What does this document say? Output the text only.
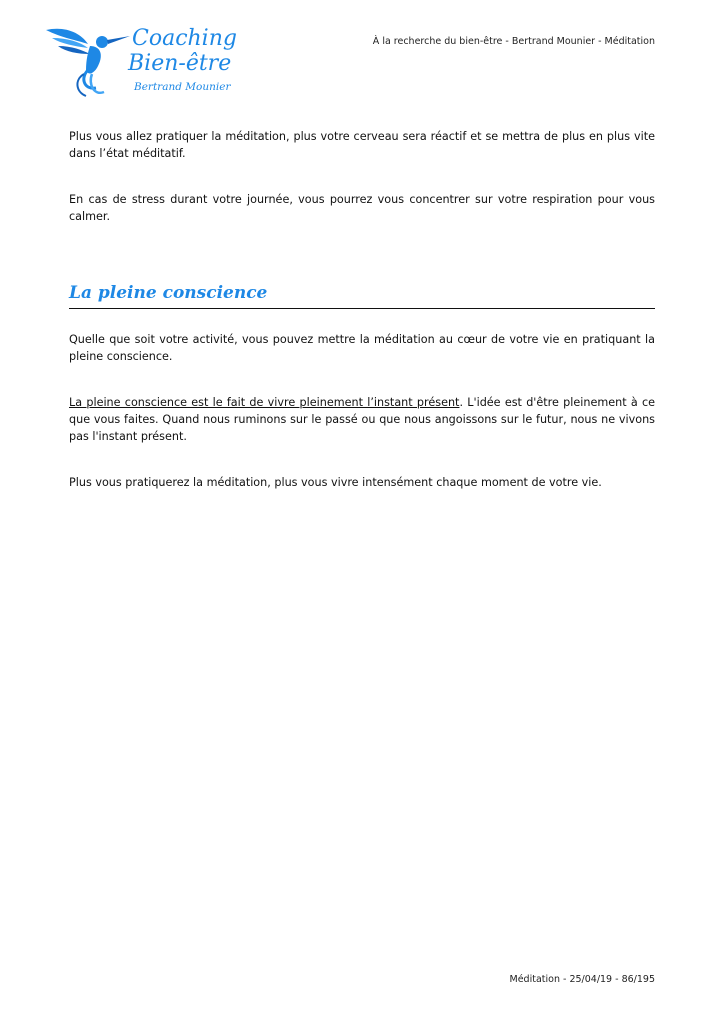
Coaching
Bien-être
Bertrand Mounier
À la recherche du bien-être - Bertrand Mounier - Méditation

Plus vous allez pratiquer la méditation, plus votre cerveau sera réactif et se mettra de plus en plus vite dans l’état méditatif.

En cas de stress durant votre journée, vous pourrez vous concentrer sur votre respiration pour vous calmer.

La pleine conscience

Quelle que soit votre activité, vous pouvez mettre la méditation au cœur de votre vie en pratiquant la pleine conscience.

La pleine conscience est le fait de vivre pleinement l’instant présent. L'idée est d'être pleinement à ce que vous faites. Quand nous ruminons sur le passé ou que nous angoissons sur le futur, nous ne vivons pas l'instant présent.

Plus vous pratiquerez la méditation, plus vous vivre intensément chaque moment de votre vie.

Méditation - 25/04/19 - 86/195
